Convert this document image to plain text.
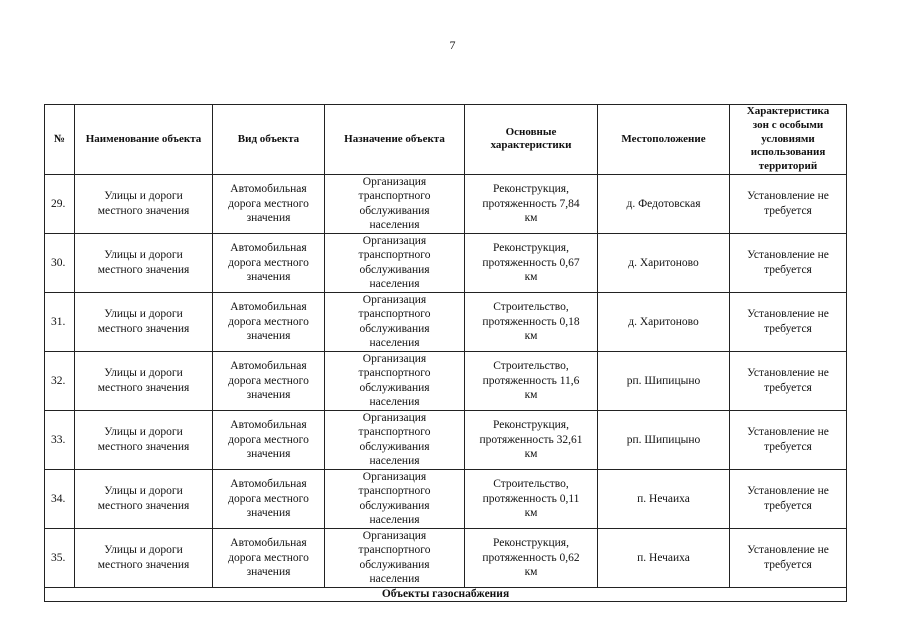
7
№	Наименование объекта	Вид объекта	Назначение объекта	Основные
характеристики	Местоположение	Характеристика
зон с особыми
условиями
использования
территорий
29.	Улицы и дороги
местного значения	Автомобильная
дорога местного
значения	Организация
транспортного
обслуживания
населения	Реконструкция,
протяженность 7,84
км	д. Федотовская	Установление не
требуется
30.	Улицы и дороги
местного значения	Автомобильная
дорога местного
значения	Организация
транспортного
обслуживания
населения	Реконструкция,
протяженность 0,67
км	д. Харитоново	Установление не
требуется
31.	Улицы и дороги
местного значения	Автомобильная
дорога местного
значения	Организация
транспортного
обслуживания
населения	Строительство,
протяженность 0,18
км	д. Харитоново	Установление не
требуется
32.	Улицы и дороги
местного значения	Автомобильная
дорога местного
значения	Организация
транспортного
обслуживания
населения	Строительство,
протяженность 11,6
км	рп. Шипицыно	Установление не
требуется
33.	Улицы и дороги
местного значения	Автомобильная
дорога местного
значения	Организация
транспортного
обслуживания
населения	Реконструкция,
протяженность 32,61
км	рп. Шипицыно	Установление не
требуется
34.	Улицы и дороги
местного значения	Автомобильная
дорога местного
значения	Организация
транспортного
обслуживания
населения	Строительство,
протяженность 0,11
км	п. Нечаиха	Установление не
требуется
35.	Улицы и дороги
местного значения	Автомобильная
дорога местного
значения	Организация
транспортного
обслуживания
населения	Реконструкция,
протяженность 0,62
км	п. Нечаиха	Установление не
требуется
Объекты газоснабжения						
